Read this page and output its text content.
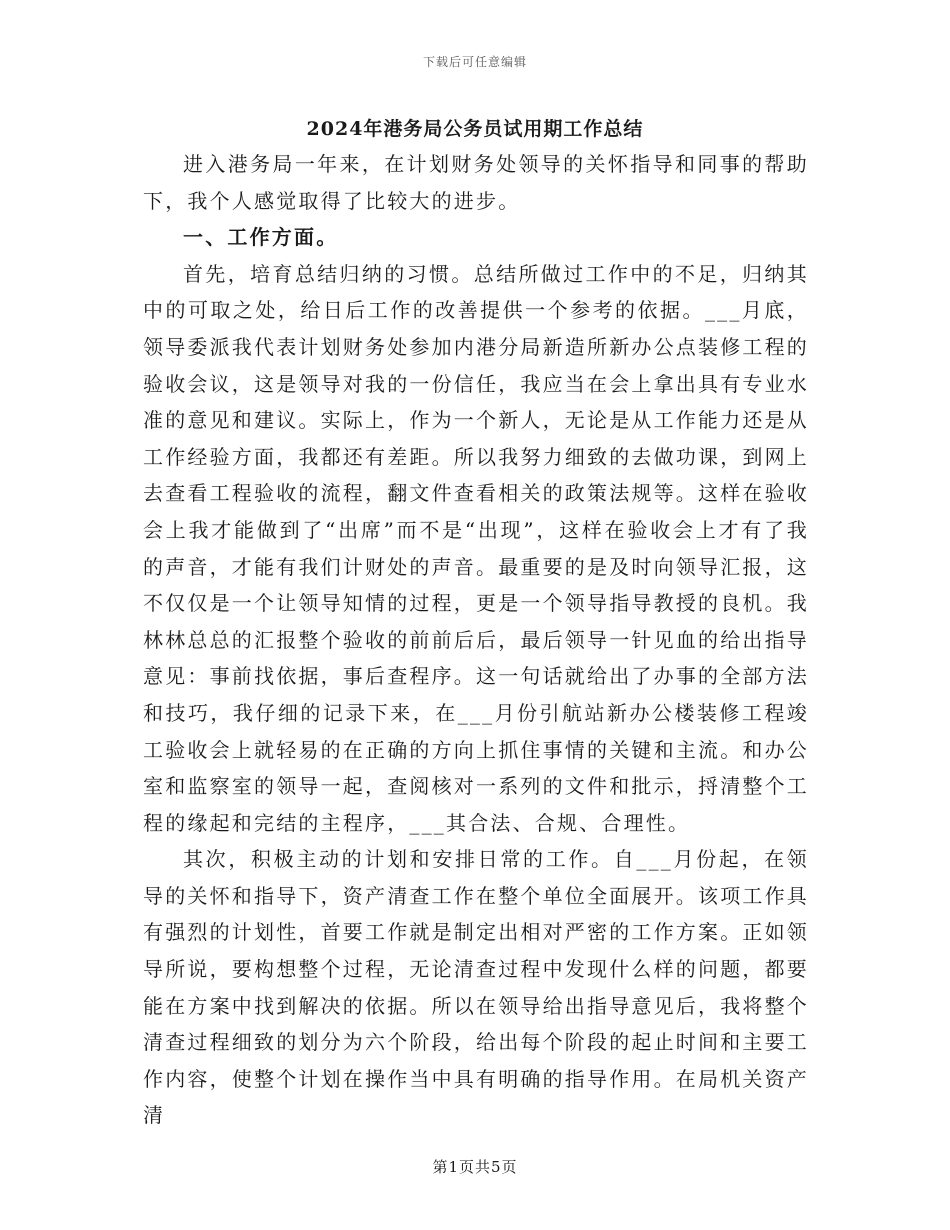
下载后可任意编辑
2024年港务局公务员试用期工作总结

进入港务局一年来，在计划财务处领导的关怀指导和同事的帮助下，我个人感觉取得了比较大的进步。

一、工作方面。

首先，培育总结归纳的习惯。总结所做过工作中的不足，归纳其中的可取之处，给日后工作的改善提供一个参考的依据。___月底，领导委派我代表计划财务处参加内港分局新造所新办公点装修工程的验收会议，这是领导对我的一份信任，我应当在会上拿出具有专业水准的意见和建议。实际上，作为一个新人，无论是从工作能力还是从工作经验方面，我都还有差距。所以我努力细致的去做功课，到网上去查看工程验收的流程，翻文件查看相关的政策法规等。这样在验收会上我才能做到了“出席”而不是“出现”，这样在验收会上才有了我的声音，才能有我们计财处的声音。最重要的是及时向领导汇报，这不仅仅是一个让领导知情的过程，更是一个领导指导教授的良机。我林林总总的汇报整个验收的前前后后，最后领导一针见血的给出指导意见：事前找依据，事后查程序。这一句话就给出了办事的全部方法和技巧，我仔细的记录下来，在___月份引航站新办公楼装修工程竣工验收会上就轻易的在正确的方向上抓住事情的关键和主流。和办公室和监察室的领导一起，查阅核对一系列的文件和批示，捋清整个工程的缘起和完结的主程序，___其合法、合规、合理性。

其次，积极主动的计划和安排日常的工作。自___月份起，在领导的关怀和指导下，资产清查工作在整个单位全面展开。该项工作具有强烈的计划性，首要工作就是制定出相对严密的工作方案。正如领导所说，要构想整个过程，无论清查过程中发现什么样的问题，都要能在方案中找到解决的依据。所以在领导给出指导意见后，我将整个清查过程细致的划分为六个阶段，给出每个阶段的起止时间和主要工作内容，使整个计划在操作当中具有明确的指导作用。在局机关资产清

第1页共5页
